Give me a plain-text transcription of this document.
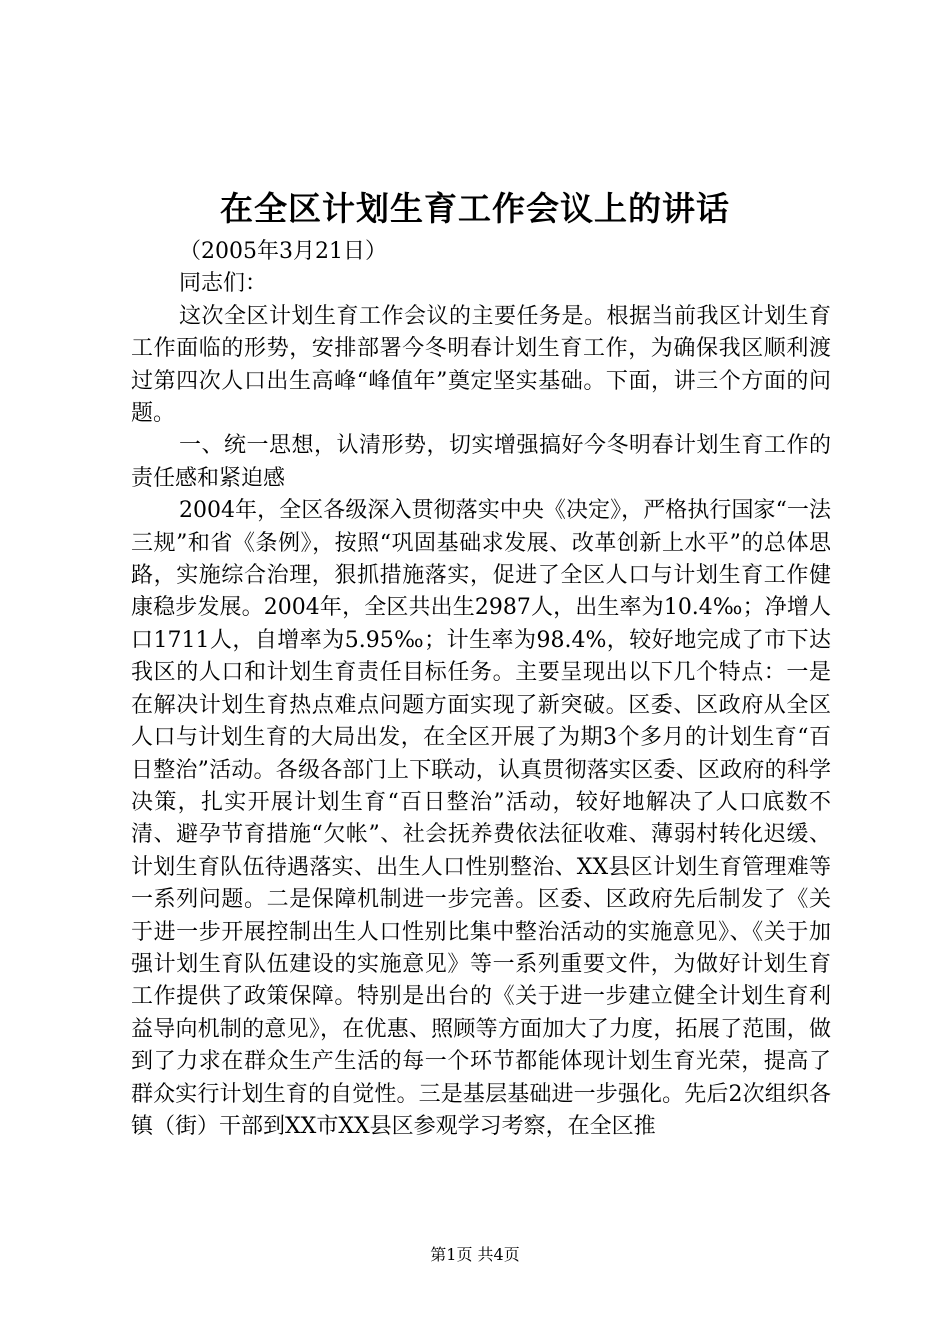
在全区计划生育工作会议上的讲话

（2005年3月21日）

同志们：

这次全区计划生育工作会议的主要任务是。根据当前我区计划生育工作面临的形势，安排部署今冬明春计划生育工作，为确保我区顺利渡过第四次人口出生高峰“峰值年”奠定坚实基础。下面，讲三个方面的问题。

一、统一思想，认清形势，切实增强搞好今冬明春计划生育工作的责任感和紧迫感

2004年，全区各级深入贯彻落实中央《决定》，严格执行国家“一法三规”和省《条例》，按照“巩固基础求发展、改革创新上水平”的总体思路，实施综合治理，狠抓措施落实，促进了全区人口与计划生育工作健康稳步发展。2004年，全区共出生2987人，出生率为10.4‰；净增人口1711人，自增率为5.95‰；计生率为98.4%，较好地完成了市下达我区的人口和计划生育责任目标任务。主要呈现出以下几个特点：一是在解决计划生育热点难点问题方面实现了新突破。区委、区政府从全区人口与计划生育的大局出发，在全区开展了为期3个多月的计划生育“百日整治”活动。各级各部门上下联动，认真贯彻落实区委、区政府的科学决策，扎实开展计划生育“百日整治”活动，较好地解决了人口底数不清、避孕节育措施“欠帐”、社会抚养费依法征收难、薄弱村转化迟缓、计划生育队伍待遇落实、出生人口性别整治、XX县区计划生育管理难等一系列问题。二是保障机制进一步完善。区委、区政府先后制发了《关于进一步开展控制出生人口性别比集中整治活动的实施意见》、《关于加强计划生育队伍建设的实施意见》等一系列重要文件，为做好计划生育工作提供了政策保障。特别是出台的《关于进一步建立健全计划生育利益导向机制的意见》，在优惠、照顾等方面加大了力度，拓展了范围，做到了力求在群众生产生活的每一个环节都能体现计划生育光荣，提高了群众实行计划生育的自觉性。三是基层基础进一步强化。先后2次组织各镇（街）干部到XX市XX县区参观学习考察，在全区推

第1页 共4页
